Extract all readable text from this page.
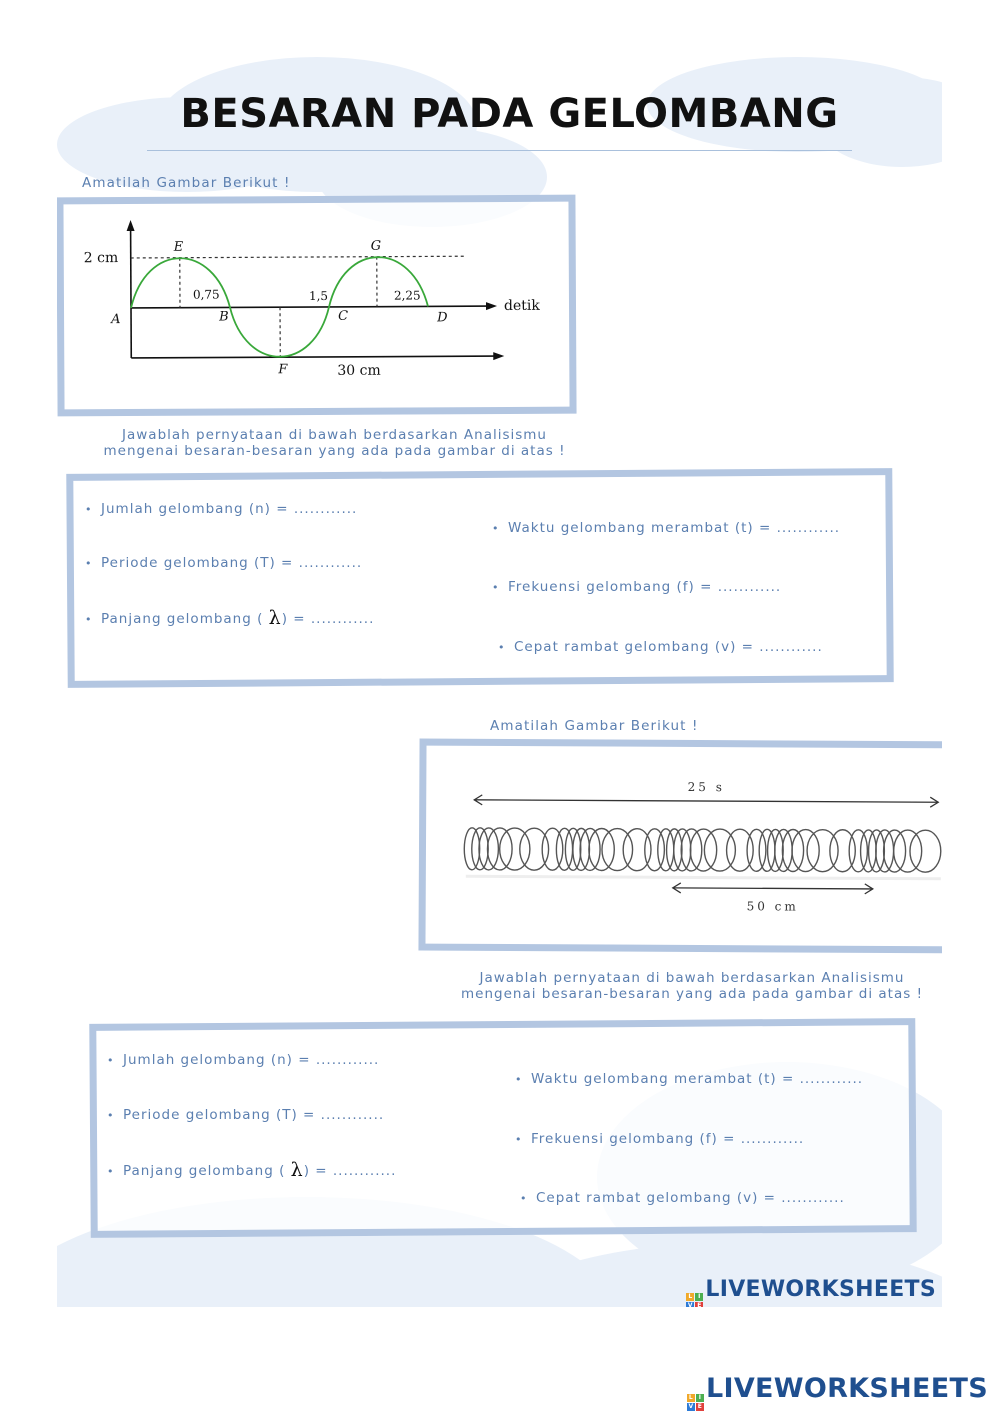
BESARAN PADA GELOMBANG

Amatilah Gambar Berikut !

2 cm
detik
30 cm
A	B	C	D
E
F
G
0,75	1,5	2,25

Jawablah pernyataan di bawah berdasarkan Analisismu
mengenai besaran-besaran yang ada pada gambar di atas !

• Jumlah gelombang (n) = ............
• Periode gelombang (T) = ............
• Panjang gelombang ( λ) = ............
• Waktu gelombang merambat (t) = ............
• Frekuensi gelombang (f) = ............
• Cepat rambat gelombang (v) = ............

Amatilah Gambar Berikut !

25 s
50 cm

Jawablah pernyataan di bawah berdasarkan Analisismu
mengenai besaran-besaran yang ada pada gambar di atas !

• Jumlah gelombang (n) = ............
• Periode gelombang (T) = ............
• Panjang gelombang ( λ) = ............
• Waktu gelombang merambat (t) = ............
• Frekuensi gelombang (f) = ............
• Cepat rambat gelombang (v) = ............
L I
V E
LIVEWORKSHEETS
L I
V E
LIVEWORKSHEETS
